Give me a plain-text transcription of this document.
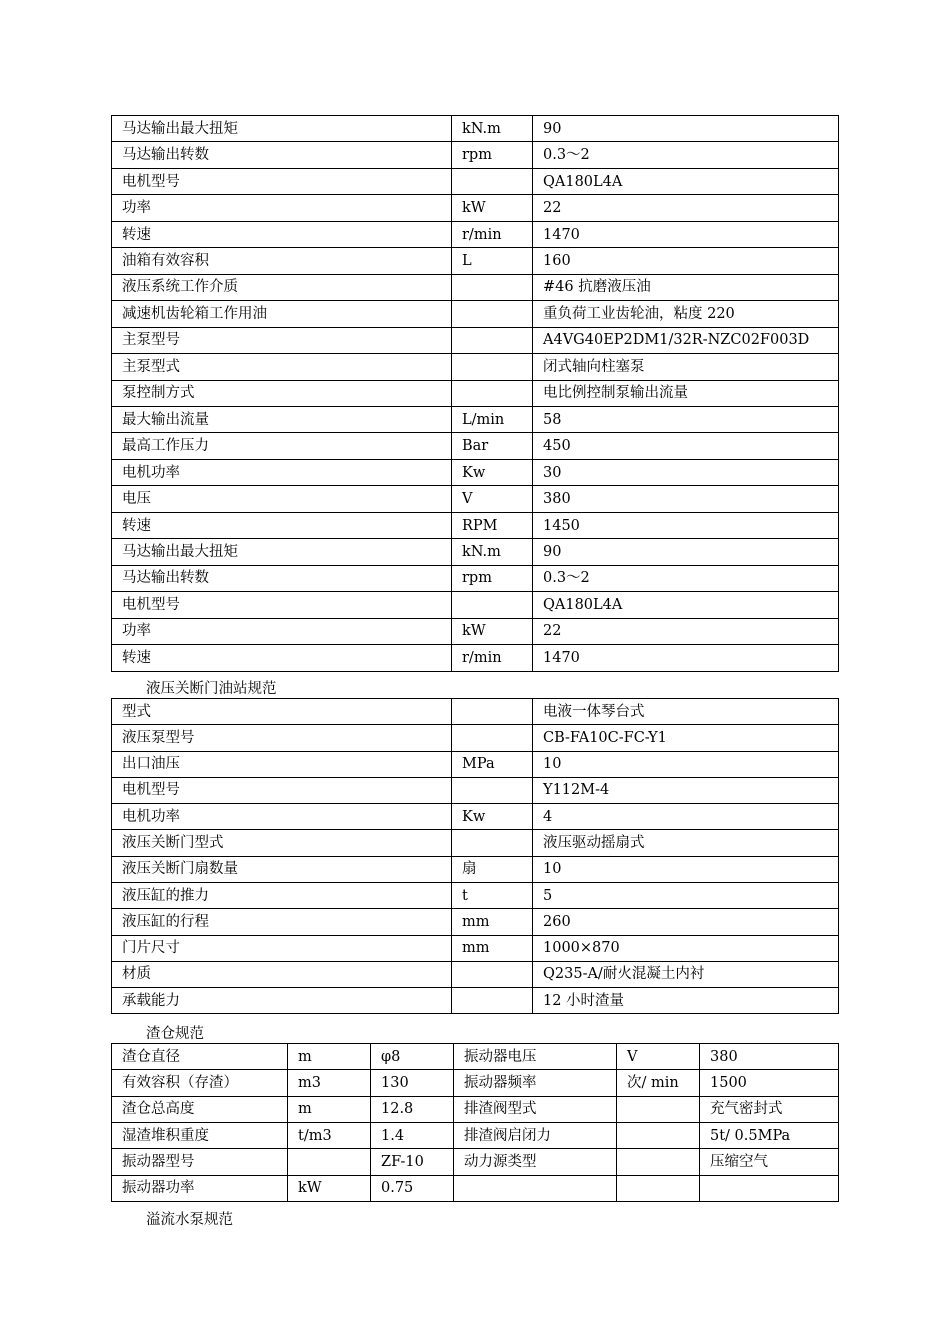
马达输出最大扭矩	kN.m	90
马达输出转数	rpm	0.3～2
电机型号		QA180L4A
功率	kW	22
转速	r/min	1470
油箱有效容积	L	160
液压系统工作介质		#46 抗磨液压油
减速机齿轮箱工作用油		重负荷工业齿轮油，粘度 220
主泵型号		A4VG40EP2DM1/32R-NZC02F003D
主泵型式		闭式轴向柱塞泵
泵控制方式		电比例控制泵输出流量
最大输出流量	L/min	58
最高工作压力	Bar	450
电机功率	Kw	30
电压	V	380
转速	RPM	1450
马达输出最大扭矩	kN.m	90
马达输出转数	rpm	0.3～2
电机型号		QA180L4A
功率	kW	22
转速	r/min	1470
液压关断门油站规范
型式		电液一体琴台式
液压泵型号		CB-FA10C-FC-Y1
出口油压	MPa	10
电机型号		Y112M-4
电机功率	Kw	4
液压关断门型式		液压驱动摇扇式
液压关断门扇数量	扇	10
液压缸的推力	t	5
液压缸的行程	mm	260
门片尺寸	mm	1000×870
材质		Q235-A/耐火混凝土内衬
承载能力		12 小时渣量
渣仓规范
渣仓直径	m	φ8	振动器电压	V	380
有效容积（存渣）	m3	130	振动器频率	次/ min	1500
渣仓总高度	m	12.8	排渣阀型式		充气密封式
湿渣堆积重度	t/m3	1.4	排渣阀启闭力		5t/ 0.5MPa
振动器型号		ZF-10	动力源类型		压缩空气
振动器功率	kW	0.75			
溢流水泵规范
